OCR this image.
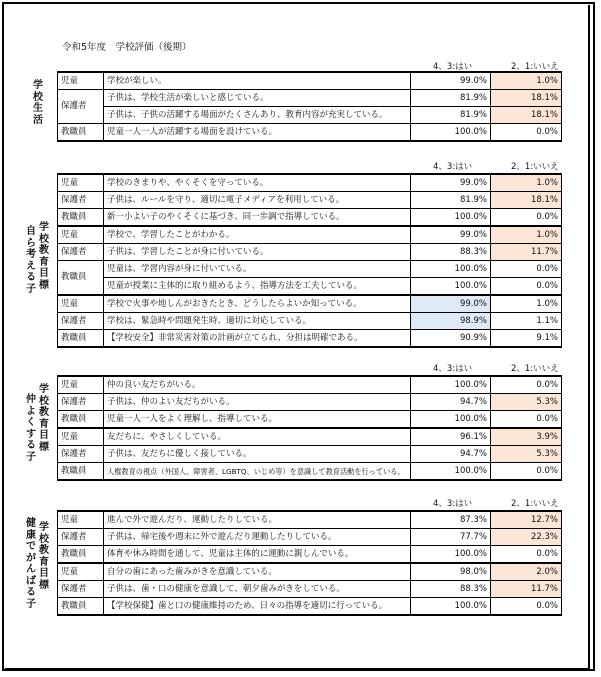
令和5年度　学校評価（後期）
4、3:はい	2、1:いいえ
学校生活
児童	学校が楽しい。	99.0%	1.0%
保護者	子供は、学校生活が楽しいと感じている。	81.9%	18.1%
	子供は、子供の活躍する場面がたくさんあり、教育内容が充実している。	81.9%	18.1%
教職員	児童一人一人が活躍する場面を設けている。	100.0%	0.0%
4、3:はい	2、1:いいえ
自ら考える子
学校教育目標
児童	学校のきまりや、やくそくを守っている。	99.0%	1.0%
保護者	子供は、ルールを守り、適切に電子メディアを利用している。	81.9%	18.1%
教職員	新一小よい子のやくそくに基づき、同一歩調で指導している。	100.0%	0.0%
児童	学校で、学習したことがわかる。	99.0%	1.0%
保護者	子供は、学習したことが身に付いている。	88.3%	11.7%
教職員	児童は、学習内容が身に付いている。	100.0%	0.0%
	児童が授業に主体的に取り組めるよう、指導方法を工夫している。	100.0%	0.0%
児童	学校で火事や地しんがおきたとき、どうしたらよいか知っている。	99.0%	1.0%
保護者	学校は、緊急時や問題発生時、適切に対応している。	98.9%	1.1%
教職員	【学校安全】非常災害対策の計画が立てられ、分担は明確である。	90.9%	9.1%
4、3:はい	2、1:いいえ
仲よくする子
学校教育目標
児童	仲の良い友だちがいる。	100.0%	0.0%
保護者	子供は、仲のよい友だちがいる。	94.7%	5.3%
教職員	児童一人一人をよく理解し、指導している。	100.0%	0.0%
児童	友だちに、やさしくしている。	96.1%	3.9%
保護者	子供は、友だちに優しく接している。	94.7%	5.3%
教職員	人権教育の視点（外国人、障害者、LGBTQ、いじめ等）を意識して教育活動を行っている。	100.0%	0.0%
4、3:はい	2、1:いいえ
健康でがんばる子
学校教育目標
児童	進んで外で遊んだり、運動したりしている。	87.3%	12.7%
保護者	子供は、帰宅後や週末に外で遊んだり運動したりしている。	77.7%	22.3%
教職員	体育や休み時間を通して、児童は主体的に運動に親しんでいる。	100.0%	0.0%
児童	自分の歯にあった歯みがきを意識している。	98.0%	2.0%
保護者	子供は、歯・口の健康を意識して、朝夕歯みがきをしている。	88.3%	11.7%
教職員	【学校保健】歯と口の健康維持のため、日々の指導を適切に行っている。	100.0%	0.0%
